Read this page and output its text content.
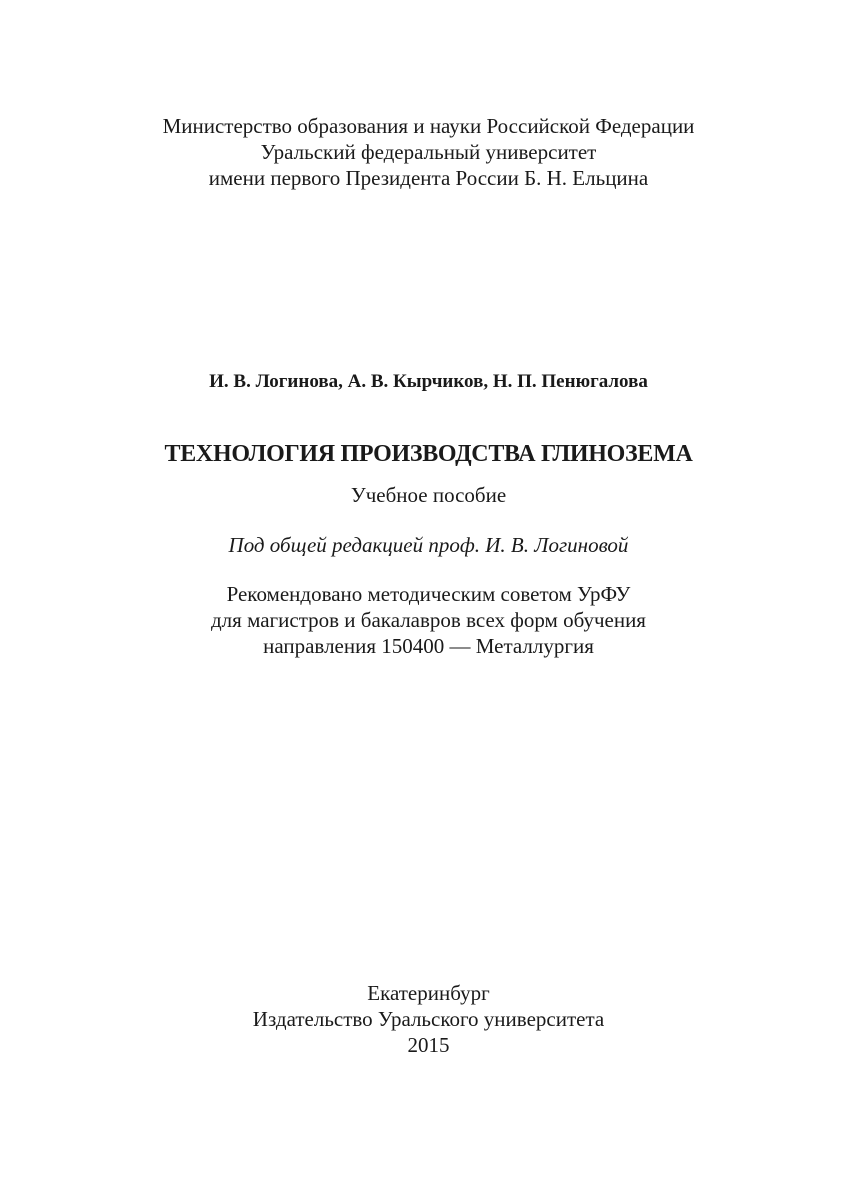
Министерство образования и науки Российской Федерации
Уральский федеральный университет
имени первого Президента России Б. Н. Ельцина
И. В. Логинова, А. В. Кырчиков, Н. П. Пенюгалова
ТЕХНОЛОГИЯ ПРОИЗВОДСТВА ГЛИНОЗЕМА
Учебное пособие
Под общей редакцией проф. И. В. Логиновой
Рекомендовано методическим советом УрФУ
для магистров и бакалавров всех форм обучения
направления 150400 — Металлургия
Екатеринбург
Издательство Уральского университета
2015
